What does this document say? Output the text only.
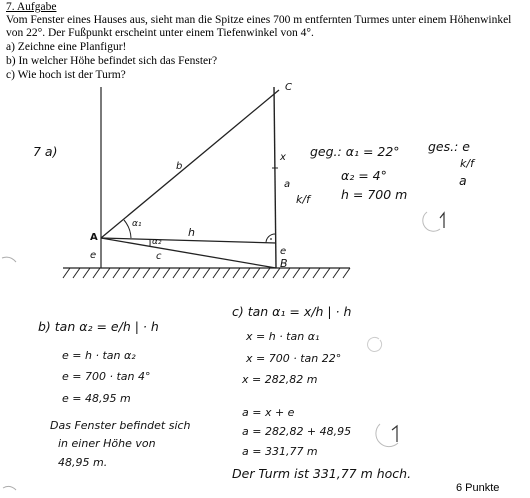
7. Aufgabe
Vom Fenster eines Hauses aus, sieht man die Spitze eines 700 m entfernten Turmes unter einem Höhenwinkel
von 22°. Der Fußpunkt erscheint unter einem Tiefenwinkel von 4°.
a) Zeichne eine Planfigur!
b) In welcher Höhe befindet sich das Fenster?
c) Wie hoch ist der Turm?
7 a)
C
b
x
a
α₁
A	h
α₂
c
e	e
B
geg.: α₁ = 22°
α₂ = 4°
h = 700 m
k/f
ges.: e
k/f
a
b) tan α₂ = e/h | · h
e = h · tan α₂
e = 700 · tan 4°
e = 48,95 m
Das Fenster befindet sich
in einer Höhe von
48,95 m.
c) tan α₁ = x/h | · h
x = h · tan α₁
x = 700 · tan 22°
x = 282,82 m
a = x + e
a = 282,82 + 48,95
a = 331,77 m
Der Turm ist 331,77 m hoch.
6 Punkte
